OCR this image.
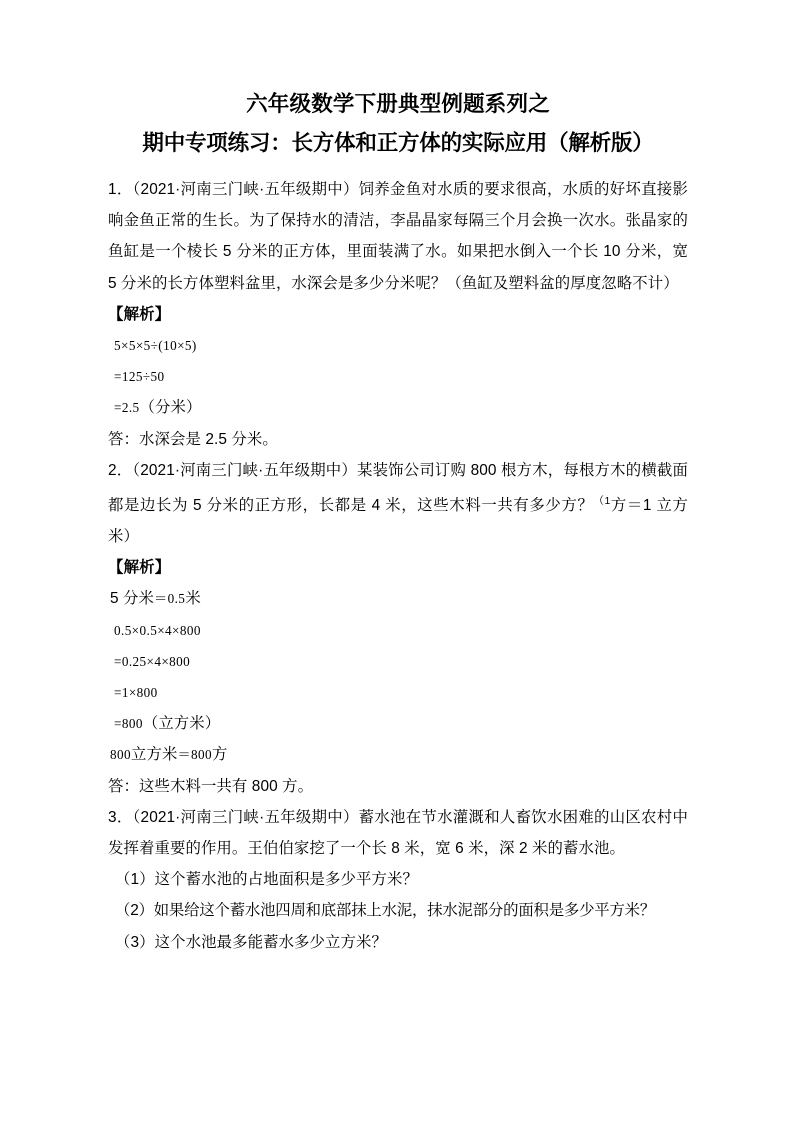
六年级数学下册典型例题系列之
期中专项练习：长方体和正方体的实际应用（解析版）

1．（2021·河南三门峡·五年级期中）饲养金鱼对水质的要求很高，水质的好坏直接影响金鱼正常的生长。为了保持水的清洁，李晶晶家每隔三个月会换一次水。张晶家的鱼缸是一个棱长 5 分米的正方体，里面装满了水。如果把水倒入一个长 10 分米，宽 5 分米的长方体塑料盆里，水深会是多少分米呢？（鱼缸及塑料盆的厚度忽略不计）

【解析】

5×5×5÷(10×5)

=125÷50

=2.5（分米）

答：水深会是 2.5 分米。

2．（2021·河南三门峡·五年级期中）某装饰公司订购 800 根方木，每根方木的横截面都是边长为 5 分米的正方形，长都是 4 米，这些木料一共有多少方？$^{(1}$方＝1 立方米）

【解析】

5 分米＝0.5米

0.5×0.5×4×800

=0.25×4×800

=1×800

=800（立方米）

800立方米＝800方

答：这些木料一共有 800 方。

3．（2021·河南三门峡·五年级期中）蓄水池在节水灌溉和人畜饮水困难的山区农村中发挥着重要的作用。王伯伯家挖了一个长 8 米，宽 6 米，深 2 米的蓄水池。

（1）这个蓄水池的占地面积是多少平方米？

（2）如果给这个蓄水池四周和底部抹上水泥，抹水泥部分的面积是多少平方米？

（3）这个水池最多能蓄水多少立方米？
